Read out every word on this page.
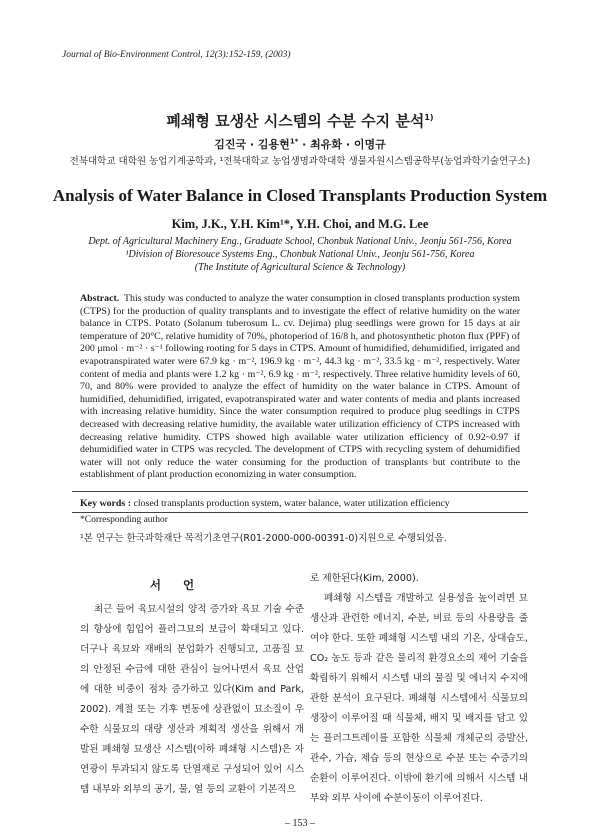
Journal of Bio-Environment Control, 12(3):152-159, (2003)
폐쇄형 묘생산 시스템의 수분 수지 분석$^{1)}$
김진국 · 김용현$^{1*}$ · 최유화 · 이명규
전북대학교 대학원 농업기계공학과, ¹전북대학교 농업생명과학대학 생물자원시스템공학부(농업과학기술연구소)
Analysis of Water Balance in Closed Transplants Production System
Kim, J.K., Y.H. Kim¹*, Y.H. Choi, and M.G. Lee
Dept. of Agricultural Machinery Eng., Graduate School, Chonbuk National Univ., Jeonju 561-756, Korea
¹Division of Bioresouce Systems Eng., Chonbuk National Univ., Jeonju 561-756, Korea
(The Institute of Agricultural Science & Technology)
Abstract. This study was conducted to analyze the water consumption in closed transplants production system (CTPS) for the production of quality transplants and to investigate the effect of relative humidity on the water balance in CTPS. Potato (Solanum tuberosum L. cv. Dejima) plug seedlings were grown for 15 days at air temperature of 20°C, relative humidity of 70%, photoperiod of 16/8 h, and photosynthetic photon flux (PPF) of 200 μmol · m⁻² · s⁻¹ following rooting for 5 days in CTPS. Amount of humidified, dehumidified, irrigated and evapotranspirated water were 67.9 kg · m⁻², 196.9 kg · m⁻², 44.3 kg · m⁻², 33.5 kg · m⁻², respectively. Water content of media and plants were 1.2 kg · m⁻², 6.9 kg · m⁻², respectively. Three relative humidity levels of 60, 70, and 80% were provided to analyze the effect of humidity on the water balance in CTPS. Amount of humidified, dehumidified, irrigated, evapotranspirated water and water contents of media and plants increased with increasing relative humidity. Since the water consumption required to produce plug seedlings in CTPS decreased with decreasing relative humidity, the available water utilization efficiency of CTPS increased with decreasing relative humidity. CTPS showed high available water utilization efficiency of 0.92~0.97 if dehumidified water in CTPS was recycled. The development of CTPS with recycling system of dehumidified water will not only reduce the water consuming for the production of transplants but contribute to the establishment of plant production economizing in water consumption.
Key words : closed transplants production system, water balance, water utilization efficiency
*Corresponding author
¹본 연구는 한국과학재단 목적기초연구(R01-2000-000-00391-0)지원으로 수행되었음.
서언
최근 들어 육묘시설의 양적 증가와 육묘 기술 수준의 향상에 힘입어 플러그묘의 보급이 확대되고 있다. 더구나 육묘와 재배의 분업화가 진행되고, 고품질 묘의 안정된 수급에 대한 관심이 늘어나면서 육묘 산업에 대한 비중이 점차 증가하고 있다(Kim and Park, 2002). 계절 또는 기후 변동에 상관없이 묘소질이 우수한 식물묘의 대량 생산과 계획적 생산을 위해서 개발된 폐쇄형 묘생산 시스템(이하 폐쇄형 시스템)은 자연광이 투과되지 않도록 단열재로 구성되어 있어 시스템 내부와 외부의 공기, 물, 열 등의 교환이 기본적으
로 제한된다(Kim, 2000).
폐쇄형 시스템을 개발하고 실용성을 높이려면 묘생산과 관련한 에너지, 수분, 비료 등의 사용량을 줄여야 한다. 또한 폐쇄형 시스템 내의 기온, 상대습도, CO₂ 농도 등과 같은 물리적 환경요소의 제어 기술을 확립하기 위해서 시스템 내의 물질 및 에너지 수지에 관한 분석이 요구된다. 폐쇄형 시스템에서 식물묘의 생장이 이루어질 때 식물체, 배지 및 배지를 담고 있는 플러그트레이를 포함한 식물체 개체군의 증발산, 관수, 가습, 제습 등의 현상으로 수분 또는 수증기의 순환이 이루어진다. 이밖에 환기에 의해서 시스템 내부와 외부 사이에 수분이동이 이루어진다.
– 153 –
